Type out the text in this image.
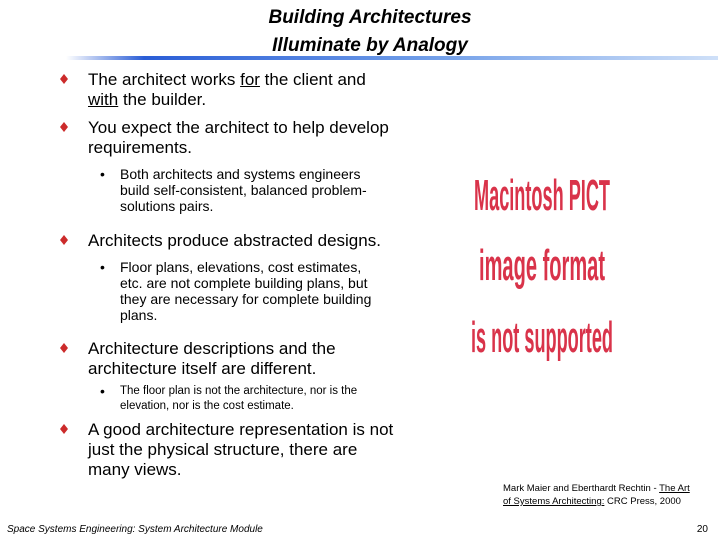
Building Architectures
Illuminate by Analogy
The architect works for the client and
with the builder.
You expect the architect to help develop
requirements.
• Both architects and systems engineers
build self-consistent, balanced problem-
solutions pairs.
Architects produce abstracted designs.
• Floor plans, elevations, cost estimates,
etc. are not complete building plans, but
they are necessary for complete building
plans.
Architecture descriptions and the
architecture itself are different.
• The floor plan is not the architecture, nor is the
elevation, nor is the cost estimate.
A good architecture representation is not
just the physical structure, there are
many views.
Macintosh PICT
image format
is not supported
Mark Maier and Eberthardt Rechtin - The Art
of Systems Architecting: CRC Press, 2000
Space Systems Engineering: System Architecture Module	20
